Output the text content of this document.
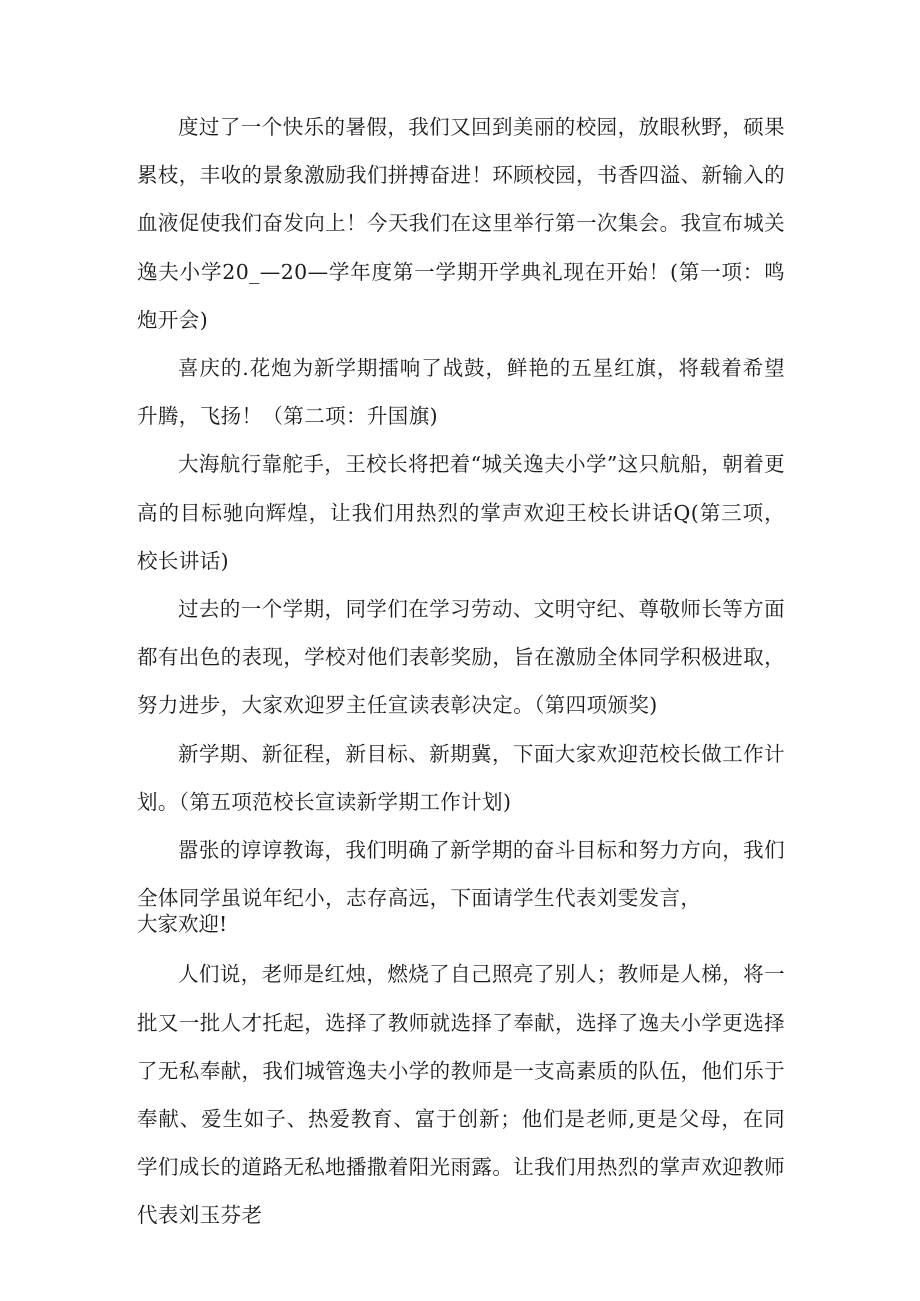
度过了一个快乐的暑假，我们又回到美丽的校园，放眼秋野，硕果累枝，丰收的景象激励我们拼搏奋进！环顾校园，书香四溢、新输入的血液促使我们奋发向上！今天我们在这里举行第一次集会。我宣布城关逸夫小学20_—20—学年度第一学期开学典礼现在开始！(第一项：鸣炮开会)

喜庆的.花炮为新学期擂响了战鼓，鲜艳的五星红旗，将载着希望升腾，飞扬！（第二项：升国旗)

大海航行靠舵手，王校长将把着“城关逸夫小学”这只航船，朝着更高的目标驰向辉煌，让我们用热烈的掌声欢迎王校长讲话Q(第三项，校长讲话)

过去的一个学期，同学们在学习劳动、文明守纪、尊敬师长等方面都有出色的表现，学校对他们表彰奖励，旨在激励全体同学积极进取，努力进步，大家欢迎罗主任宣读表彰决定。（第四项颁奖)

新学期、新征程，新目标、新期冀，下面大家欢迎范校长做工作计划。（第五项范校长宣读新学期工作计划)

嚣张的谆谆教诲，我们明确了新学期的奋斗目标和努力方向，我们全体同学虽说年纪小，志存高远，下面请学生代表刘雯发言，

大家欢迎!

人们说，老师是红烛，燃烧了自己照亮了别人；教师是人梯，将一批又一批人才托起，选择了教师就选择了奉献，选择了逸夫小学更选择了无私奉献，我们城管逸夫小学的教师是一支高素质的队伍，他们乐于奉献、爱生如子、热爱教育、富于创新；他们是老师,更是父母，在同学们成长的道路无私地播撒着阳光雨露。让我们用热烈的掌声欢迎教师代表刘玉芬老
